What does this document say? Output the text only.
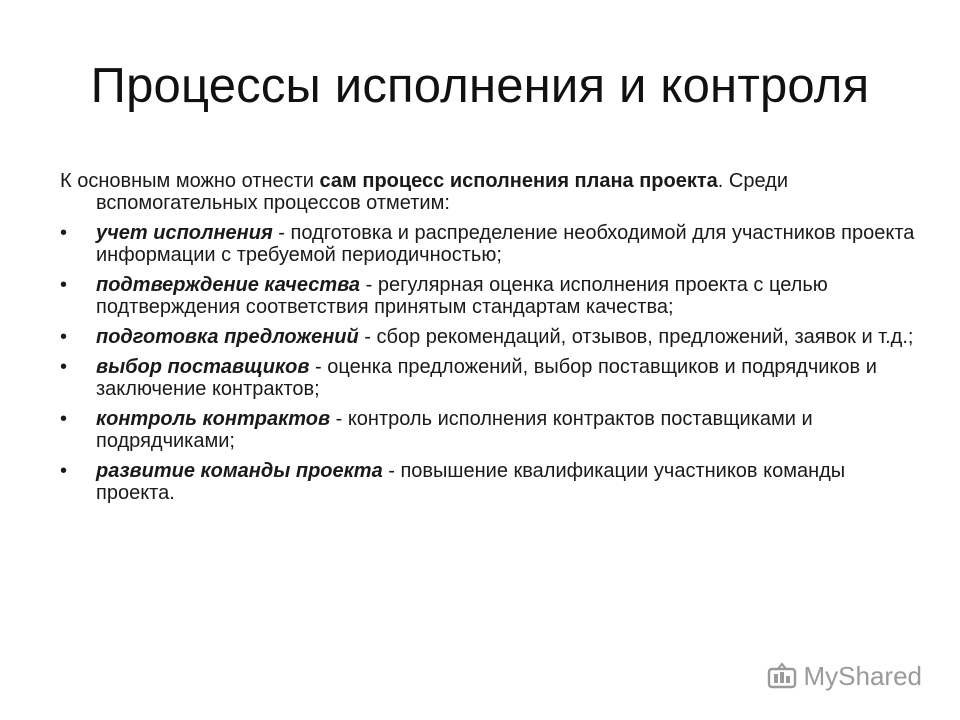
Процессы исполнения и контроля

К основным можно отнести сам процесс исполнения плана проекта. Среди вспомогательных процессов отметим:

•	учет исполнения - подготовка и распределение необходимой для участников проекта информации с требуемой периодичностью;
•	подтверждение качества - регулярная оценка исполнения проекта с целью подтверждения соответствия принятым стандартам качества;
•	подготовка предложений - сбор рекомендаций, отзывов, предложений, заявок и т.д.;
•	выбор поставщиков - оценка предложений, выбор поставщиков и подрядчиков и заключение контрактов;
•	контроль контрактов - контроль исполнения контрактов поставщиками и подрядчиками;
•	развитие команды проекта - повышение квалификации участников команды проекта.
MyShared
